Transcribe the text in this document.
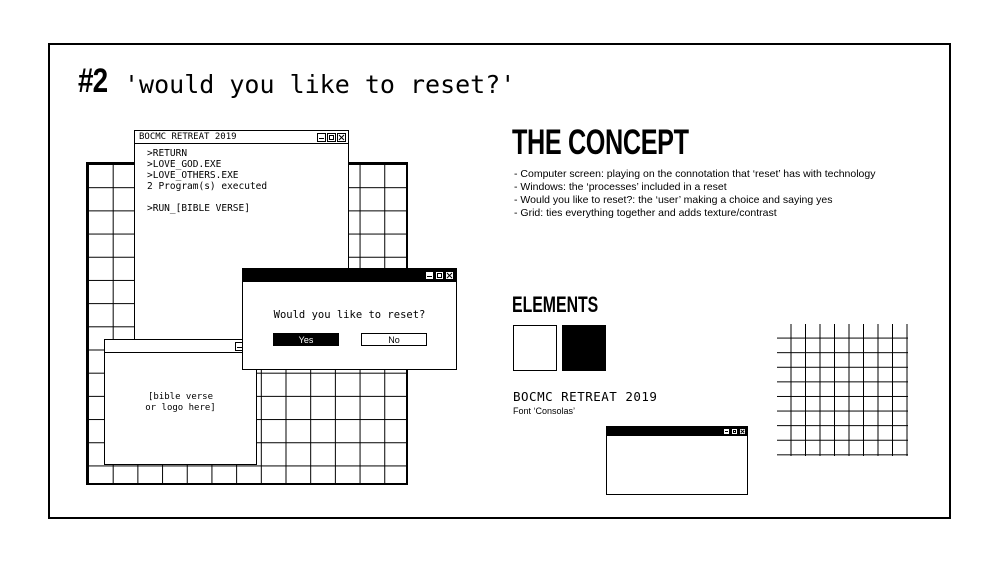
#2 'would you like to reset?'
BOCMC RETREAT 2019
>RETURN
>LOVE_GOD.EXE
>LOVE_OTHERS.EXE
2 Program(s) executed

>RUN_[BIBLE VERSE]
[bible verse
or logo here]
Would you like to reset?
Yes	No
THE CONCEPT
- Computer screen: playing on the connotation that ‘reset’ has with technology
- Windows: the ‘processes’ included in a reset
- Would you like to reset?: the ‘user’ making a choice and saying yes
- Grid: ties everything together and adds texture/contrast
ELEMENTS
BOCMC RETREAT 2019
Font ‘Consolas’
